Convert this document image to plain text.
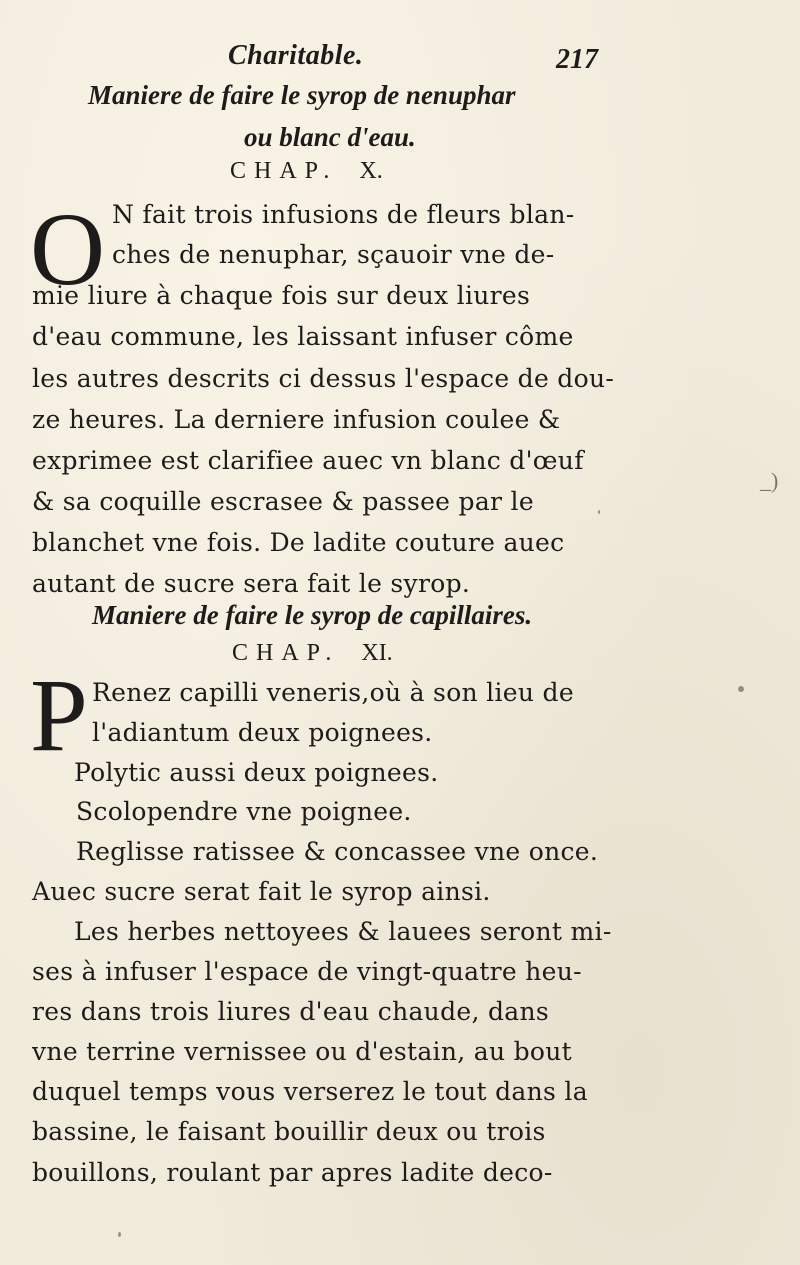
Charitable.	217
Maniere de faire le syrop de nenuphar
ou blanc d'eau.
CHAP. X.
O N fait trois infusions de fleurs blan-
ches de nenuphar, sçauoir vne de-
mie liure à chaque fois sur deux liures
d'eau commune, les laissant infuser côme
les autres descrits ci dessus l'espace de dou-
ze heures. La derniere infusion coulee &
exprimee est clarifiee auec vn blanc d'œuf
& sa coquille escrasee & passee par le
blanchet vne fois. De ladite couture auec
autant de sucre sera fait le syrop.
Maniere de faire le syrop de capillaires.
CHAP. XI.
P Renez capilli veneris,où à son lieu de
l'adiantum deux poignees.
Polytic aussi deux poignees.
Scolopendre vne poignee.
Reglisse ratissee & concassee vne once.
Auec sucre serat fait le syrop ainsi.
Les herbes nettoyees & lauees seront mi-
ses à infuser l'espace de vingt-quatre heu-
res dans trois liures d'eau chaude, dans
vne terrine vernissee ou d'estain, au bout
duquel temps vous verserez le tout dans la
bassine, le faisant bouillir deux ou trois
bouillons, roulant par apres ladite deco-
_)
